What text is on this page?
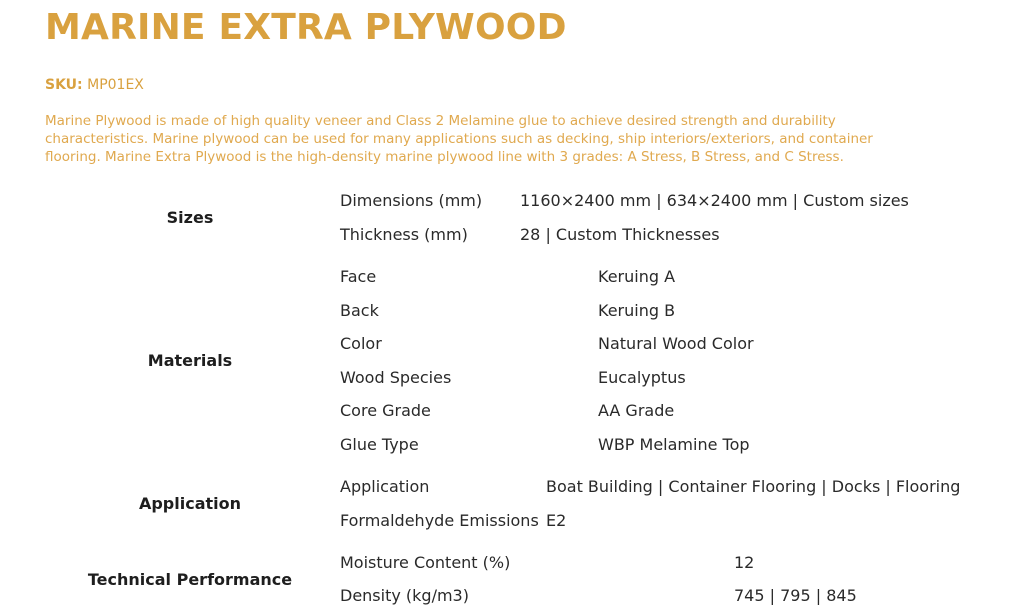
MARINE EXTRA PLYWOOD
SKU: MP01EX

Marine Plywood is made of high quality veneer and Class 2 Melamine glue to achieve desired strength and durability
characteristics. Marine plywood can be used for many applications such as decking, ship interiors/exteriors, and container
flooring. Marine Extra Plywood is the high-density marine plywood line with 3 grades: A Stress, B Stress, and C Stress.

Sizes
Dimensions (mm) 1160×2400 mm | 634×2400 mm | Custom sizes
Thickness (mm)	28 | Custom Thicknesses
Materials
Face	Keruing A
Back	Keruing B
Color	Natural Wood Color
Wood Species	Eucalyptus
Core Grade	AA Grade
Glue Type	WBP Melamine Top
Application
Application	Boat Building | Container Flooring | Docks | Flooring
Formaldehyde Emissions E2
Technical Performance
Moisture Content (%)	12
Density (kg/m3)	745 | 795 | 845
